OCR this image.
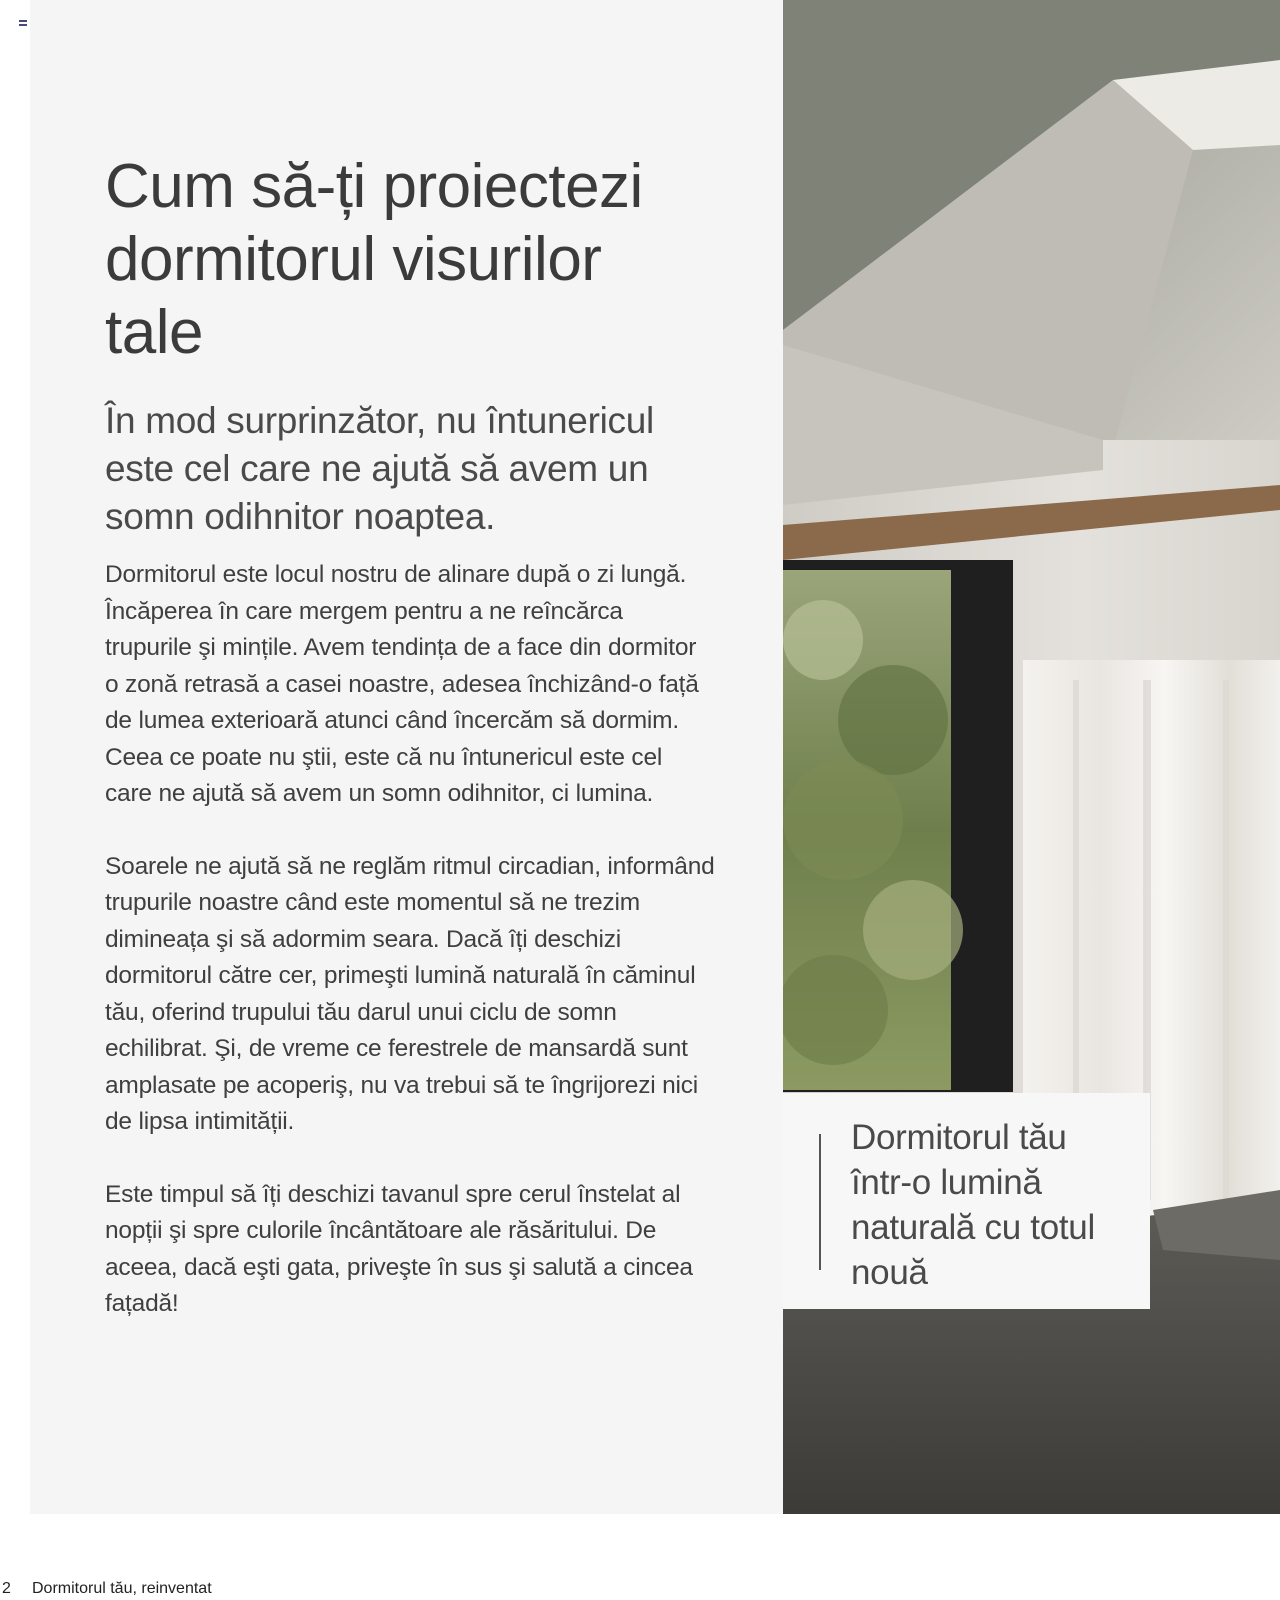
Cum să-ți proiectezi dormitorul visurilor tale

În mod surprinzător, nu întunericul este cel care ne ajută să avem un somn odihnitor noaptea.

Dormitorul este locul nostru de alinare după o zi lungă. Încăperea în care mergem pentru a ne reîncărca trupurile şi mințile. Avem tendința de a face din dormitor o zonă retrasă a casei noastre, adesea închizând-o față de lumea exterioară atunci când încercăm să dormim. Ceea ce poate nu ştii, este că nu întunericul este cel care ne ajută să avem un somn odihnitor, ci lumina.

Soarele ne ajută să ne reglăm ritmul circadian, informând trupurile noastre când este momentul să ne trezim dimineața şi să adormim seara. Dacă îți deschizi dormitorul către cer, primeşti lumină naturală în căminul tău, oferind trupului tău darul unui ciclu de somn echilibrat. Şi, de vreme ce ferestrele de mansardă sunt amplasate pe acoperiş, nu va trebui să te îngrijorezi nici de lipsa intimității.

Este timpul să îți deschizi tavanul spre cerul înstelat al nopții şi spre culorile încântătoare ale răsăritului. De aceea, dacă eşti gata, priveşte în sus şi salută a cincea fațadă!

Dormitorul tău într-o lumină naturală cu totul nouă
2 Dormitorul tău, reinventat
